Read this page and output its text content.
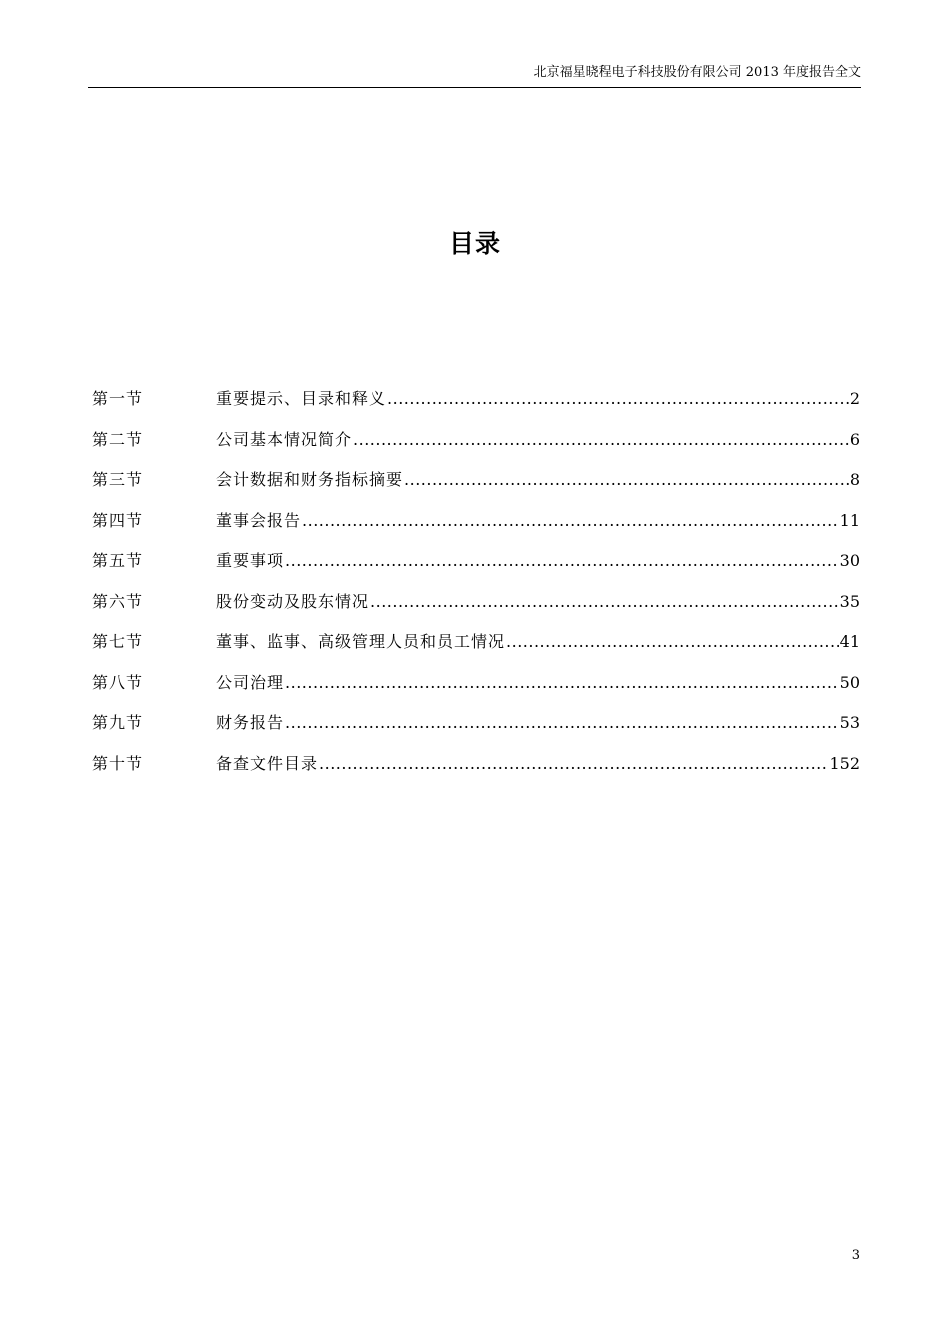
北京福星晓程电子科技股份有限公司 2013 年度报告全文
目录
第一节	重要提示、目录和释义 .....	2
第二节	公司基本情况简介 .....	6
第三节	会计数据和财务指标摘要 .....	8
第四节	董事会报告 .....	11
第五节	重要事项 .....	30
第六节	股份变动及股东情况 .....	35
第七节	董事、监事、高级管理人员和员工情况 .....	41
第八节	公司治理 .....	50
第九节	财务报告 .....	53
第十节	备查文件目录 .....	152
3
